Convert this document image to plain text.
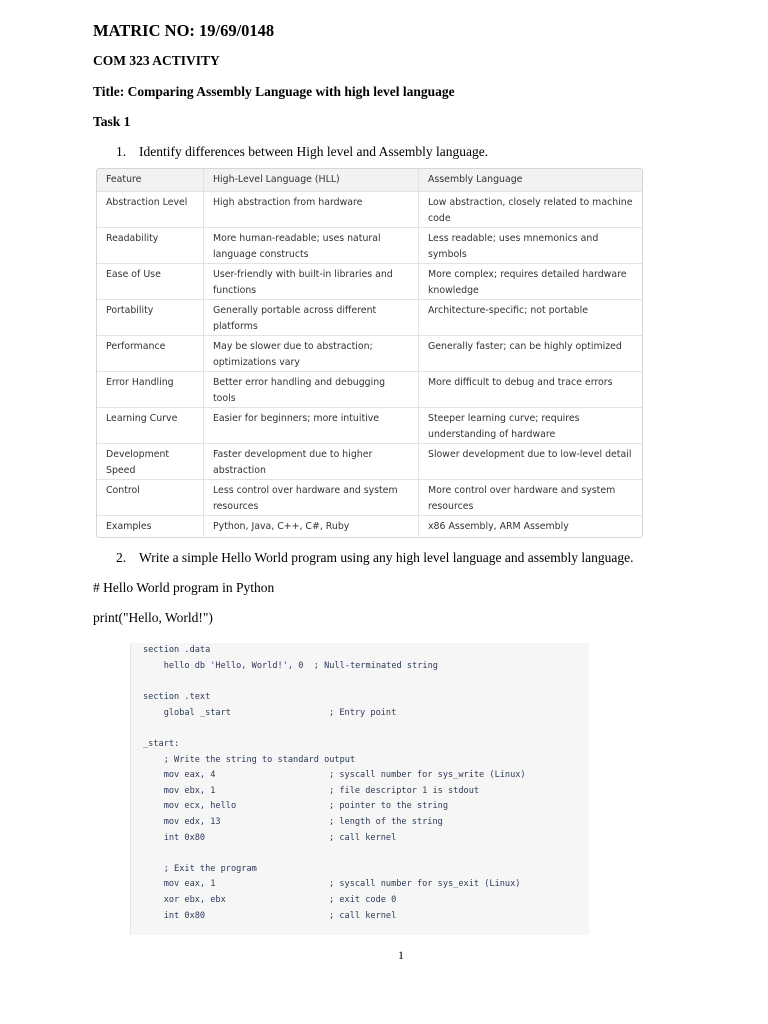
MATRIC NO: 19/69/0148
COM 323 ACTIVITY
Title: Comparing Assembly Language with high level language
Task 1
1. Identify differences between High level and Assembly language.
Feature	High-Level Language (HLL)	Assembly Language
Abstraction Level	High abstraction from hardware	Low abstraction, closely related to machine code
Readability	More human-readable; uses natural language constructs	Less readable; uses mnemonics and symbols
Ease of Use	User-friendly with built-in libraries and functions	More complex; requires detailed hardware knowledge
Portability	Generally portable across different platforms	Architecture-specific; not portable
Performance	May be slower due to abstraction; optimizations vary	Generally faster; can be highly optimized
Error Handling	Better error handling and debugging tools	More difficult to debug and trace errors
Learning Curve	Easier for beginners; more intuitive	Steeper learning curve; requires understanding of hardware
Development Speed	Faster development due to higher abstraction	Slower development due to low-level detail
Control	Less control over hardware and system resources	More control over hardware and system resources
Examples	Python, Java, C++, C#, Ruby	x86 Assembly, ARM Assembly
2. Write a simple Hello World program using any high level language and assembly language.
# Hello World program in Python
print("Hello, World!")
section .data
hello db 'Hello, World!', 0  ; Null-terminated string
section .text
global _start	; Entry point
_start:
; Write the string to standard output
mov eax, 4	; syscall number for sys_write (Linux)
mov ebx, 1	; file descriptor 1 is stdout
mov ecx, hello	; pointer to the string
mov edx, 13	; length of the string
int 0x80	; call kernel
; Exit the program
mov eax, 1	; syscall number for sys_exit (Linux)
xor ebx, ebx	; exit code 0
int 0x80	; call kernel
1
